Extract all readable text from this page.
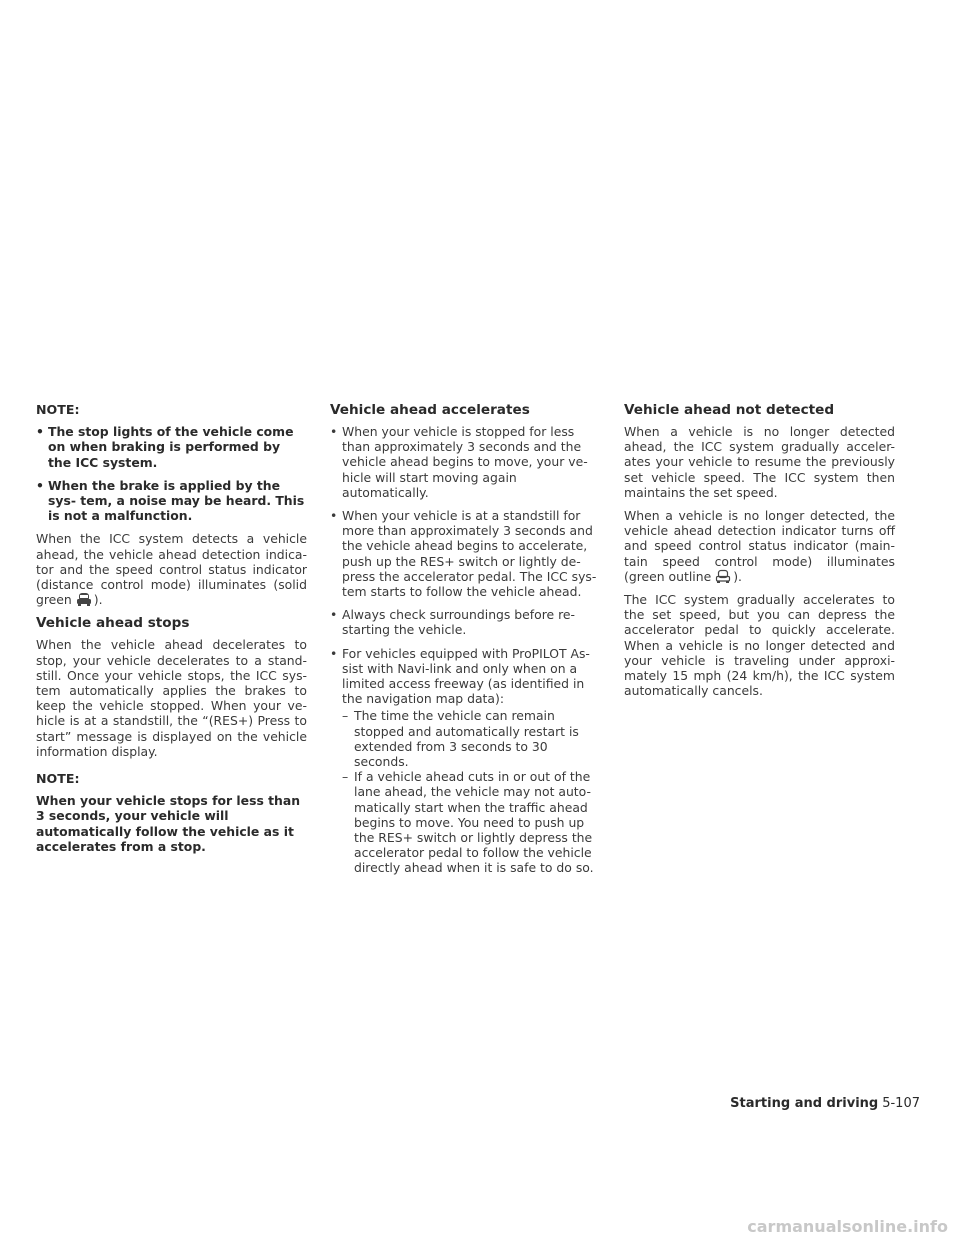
NOTE:
• The stop lights of the vehicle come on when braking is performed by the ICC system.
• When the brake is applied by the sys- tem, a noise may be heard. This is not a malfunction.

When the ICC system detects a vehicle ahead, the vehicle ahead detection indica- tor and the speed control status indicator (distance control mode) illuminates (solid green ).

Vehicle ahead stops

When the vehicle ahead decelerates to stop, your vehicle decelerates to a stand- still. Once your vehicle stops, the ICC sys- tem automatically applies the brakes to keep the vehicle stopped. When your ve- hicle is at a standstill, the “(RES+) Press to start” message is displayed on the vehicle information display.

NOTE:

When your vehicle stops for less than 3 seconds, your vehicle will automatically follow the vehicle as it accelerates from a stop.

Vehicle ahead accelerates
• When your vehicle is stopped for less than approximately 3 seconds and the vehicle ahead begins to move, your ve- hicle will start moving again automatically.
• When your vehicle is at a standstill for more than approximately 3 seconds and the vehicle ahead begins to accelerate, push up the RES+ switch or lightly de- press the accelerator pedal. The ICC sys- tem starts to follow the vehicle ahead.
• Always check surroundings before re- starting the vehicle.
• For vehicles equipped with ProPILOT As- sist with Navi-link and only when on a limited access freeway (as identified in the navigation map data):
– The time the vehicle can remain stopped and automatically restart is extended from 3 seconds to 30 seconds.
– If a vehicle ahead cuts in or out of the lane ahead, the vehicle may not auto- matically start when the traffic ahead begins to move. You need to push up the RES+ switch or lightly depress the accelerator pedal to follow the vehicle directly ahead when it is safe to do so.
Vehicle ahead not detected

When a vehicle is no longer detected ahead, the ICC system gradually acceler- ates your vehicle to resume the previously set vehicle speed. The ICC system then maintains the set speed.

When a vehicle is no longer detected, the vehicle ahead detection indicator turns off and speed control status indicator (main- tain speed control mode) illuminates (green outline ).

The ICC system gradually accelerates to the set speed, but you can depress the accelerator pedal to quickly accelerate. When a vehicle is no longer detected and your vehicle is traveling under approxi- mately 15 mph (24 km/h), the ICC system automatically cancels.

Starting and driving 5-107
carmanualsonline.info
